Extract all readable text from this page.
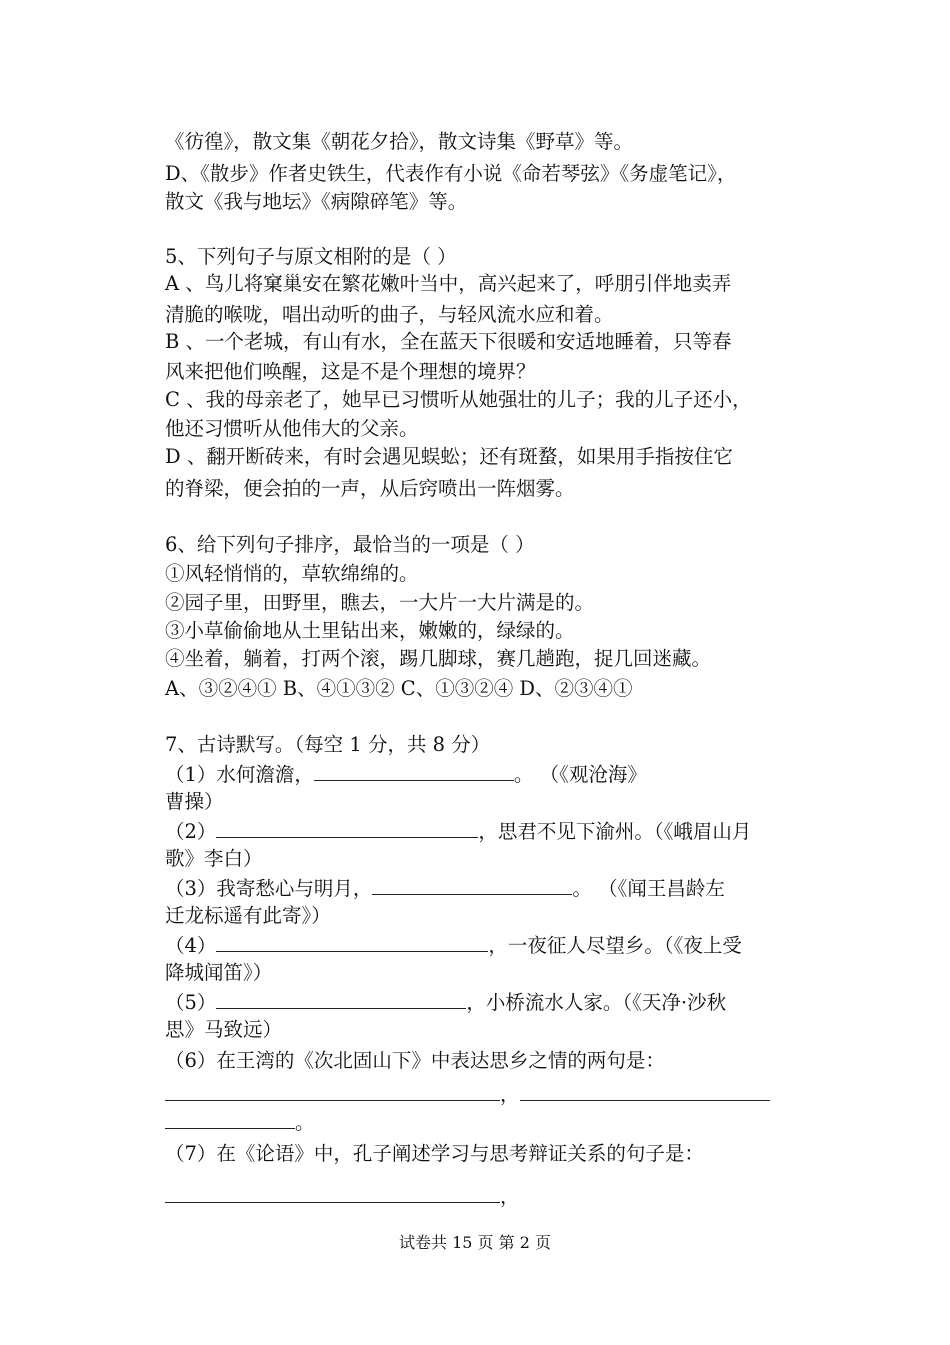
《彷徨》，散文集《朝花夕拾》，散文诗集《野草》等。
D、《散步》作者史铁生，代表作有小说《命若琴弦》《务虚笔记》，
散文《我与地坛》《病隙碎笔》等。
5、下列句子与原文相附的是（ ）
A 、鸟儿将窠巢安在繁花嫩叶当中，高兴起来了，呼朋引伴地卖弄
清脆的喉咙，唱出动听的曲子，与轻风流水应和着。
B 、一个老城，有山有水，全在蓝天下很暖和安适地睡着，只等春
风来把他们唤醒，这是不是个理想的境界？
C 、我的母亲老了，她早已习惯听从她强壮的儿子；我的儿子还小，
他还习惯听从他伟大的父亲。
D 、翻开断砖来，有时会遇见蜈蚣；还有斑蝥，如果用手指按住它
的脊梁，便会拍的一声，从后窍喷出一阵烟雾。
6、给下列句子排序，最恰当的一项是（ ）
①风轻悄悄的，草软绵绵的。
②园子里，田野里，瞧去，一大片一大片满是的。
③小草偷偷地从土里钻出来，嫩嫩的，绿绿的。
④坐着，躺着，打两个滚，踢几脚球，赛几趟跑，捉几回迷藏。
A、③②④① B、④①③② C、①③②④ D、②③④①
7、古诗默写。（每空 1 分，共 8 分）
（1）水何澹澹，	。 （《观沧海》
曹操）
（2）	，思君不见下渝州。（《峨眉山月
歌》李白）
（3）我寄愁心与明月，	。 （《闻王昌龄左
迁龙标遥有此寄》）
（4）	，一夜征人尽望乡。（《夜上受
降城闻笛》）
（5）	，小桥流水人家。（《天净·沙秋
思》马致远）
（6）在王湾的《次北固山下》中表达思乡之情的两句是：
，
。
（7）在《论语》中，孔子阐述学习与思考辩证关系的句子是：
，
试卷共 15 页 第 2 页
